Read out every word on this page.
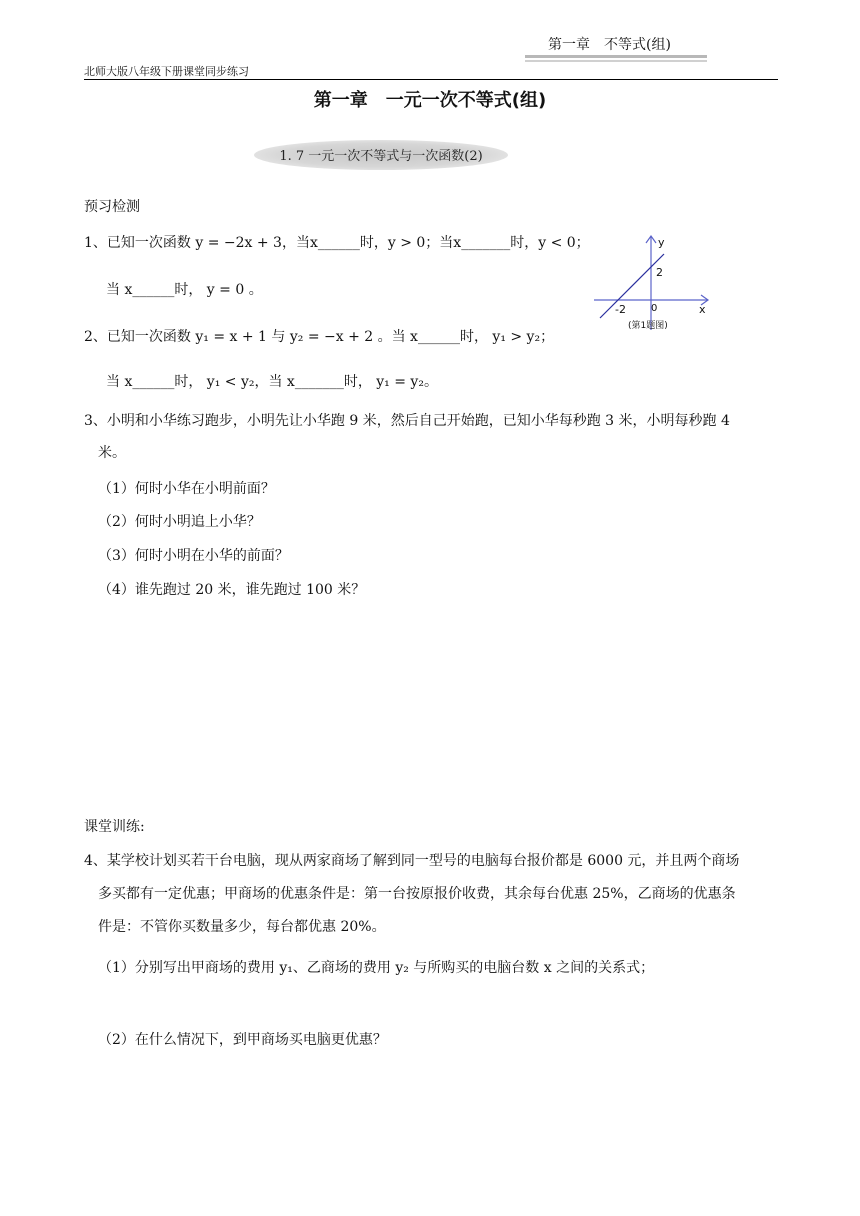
第一章　不等式(组)
北师大版八年级下册课堂同步练习
第一章　一元一次不等式(组)
1. 7 一元一次不等式与一次函数(2)
预习检测
1、已知一次函数 y = −2x + 3，当x______时，y > 0；当x_______时，y < 0；
当 x______时， y = 0 。
2、已知一次函数 y₁ = x + 1 与 y₂ = −x + 2 。当 x______时， y₁ > y₂；
当 x______时， y₁ < y₂，当 x_______时， y₁ = y₂。
3、小明和小华练习跑步，小明先让小华跑 9 米，然后自己开始跑，已知小华每秒跑 3 米，小明每秒跑 4
米。
（1）何时小华在小明前面？
（2）何时小明追上小华？
（3）何时小明在小华的前面？
（4）谁先跑过 20 米，谁先跑过 100 米？
y
x
2
-2	0
(第1题图)
课堂训练:
4、某学校计划买若干台电脑，现从两家商场了解到同一型号的电脑每台报价都是 6000 元，并且两个商场
多买都有一定优惠；甲商场的优惠条件是：第一台按原报价收费，其余每台优惠 25%，乙商场的优惠条
件是：不管你买数量多少，每台都优惠 20%。
（1）分别写出甲商场的费用 y₁、乙商场的费用 y₂ 与所购买的电脑台数 x 之间的关系式；
（2）在什么情况下，到甲商场买电脑更优惠？
